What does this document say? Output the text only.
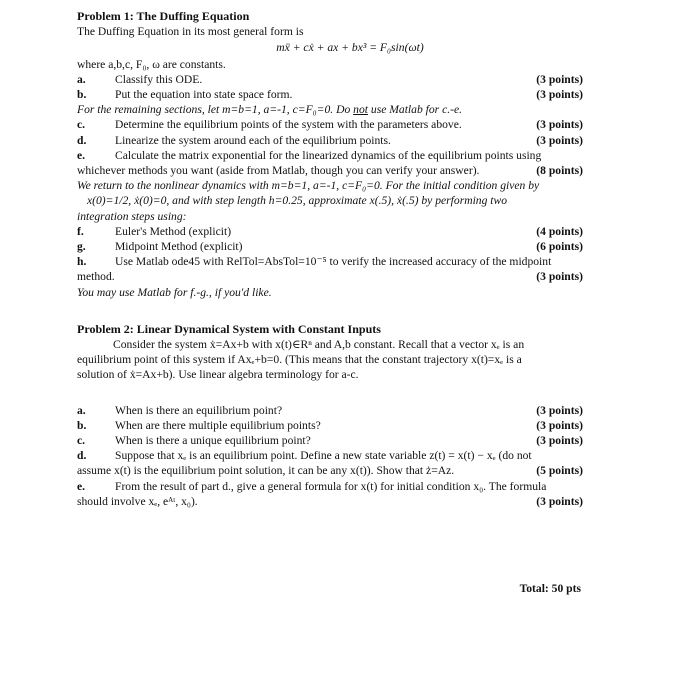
Problem 1: The Duffing Equation
The Duffing Equation in its most general form is
mẍ + cẋ + ax + bx³ = F₀sin(ωt)
where a,b,c, F₀, ω are constants.
a.	Classify this ODE.	(3 points)
b.	Put the equation into state space form.	(3 points)
For the remaining sections, let m=b=1, a=-1, c=F₀=0. Do not use Matlab for c.-e.
c.	Determine the equilibrium points of the system with the parameters above.	(3 points)
d.	Linearize the system around each of the equilibrium points.	(3 points)
e.	Calculate the matrix exponential for the linearized dynamics of the equilibrium points using
whichever methods you want (aside from Matlab, though you can verify your answer).	(8 points)
We return to the nonlinear dynamics with m=b=1, a=-1, c=F₀=0. For the initial condition given by
x(0)=1/2, ẋ(0)=0, and with step length h=0.25, approximate x(.5), ẋ(.5) by performing two
integration steps using:
f.	Euler's Method (explicit)	(4 points)
g.	Midpoint Method (explicit)	(6 points)
h.	Use Matlab ode45 with RelTol=AbsTol=10⁻⁵ to verify the increased accuracy of the midpoint
method.	(3 points)
You may use Matlab for f.-g., if you'd like.
Problem 2: Linear Dynamical System with Constant Inputs
Consider the system ẋ=Ax+b with x(t)∈Rⁿ and A,b constant. Recall that a vector xₑ is an
equilibrium point of this system if Axₑ+b=0. (This means that the constant trajectory x(t)=xₑ is a
solution of ẋ=Ax+b). Use linear algebra terminology for a-c.
a.	When is there an equilibrium point?	(3 points)
b.	When are there multiple equilibrium points?	(3 points)
c.	When is there a unique equilibrium point?	(3 points)
d.	Suppose that xₑ is an equilibrium point. Define a new state variable z(t) = x(t) − xₑ (do not
assume x(t) is the equilibrium point solution, it can be any x(t)). Show that ż=Az.	(5 points)
e.	From the result of part d., give a general formula for x(t) for initial condition x₀. The formula
should involve xₑ, eᴬᵗ, x₀).	(3 points)
Total: 50 pts
